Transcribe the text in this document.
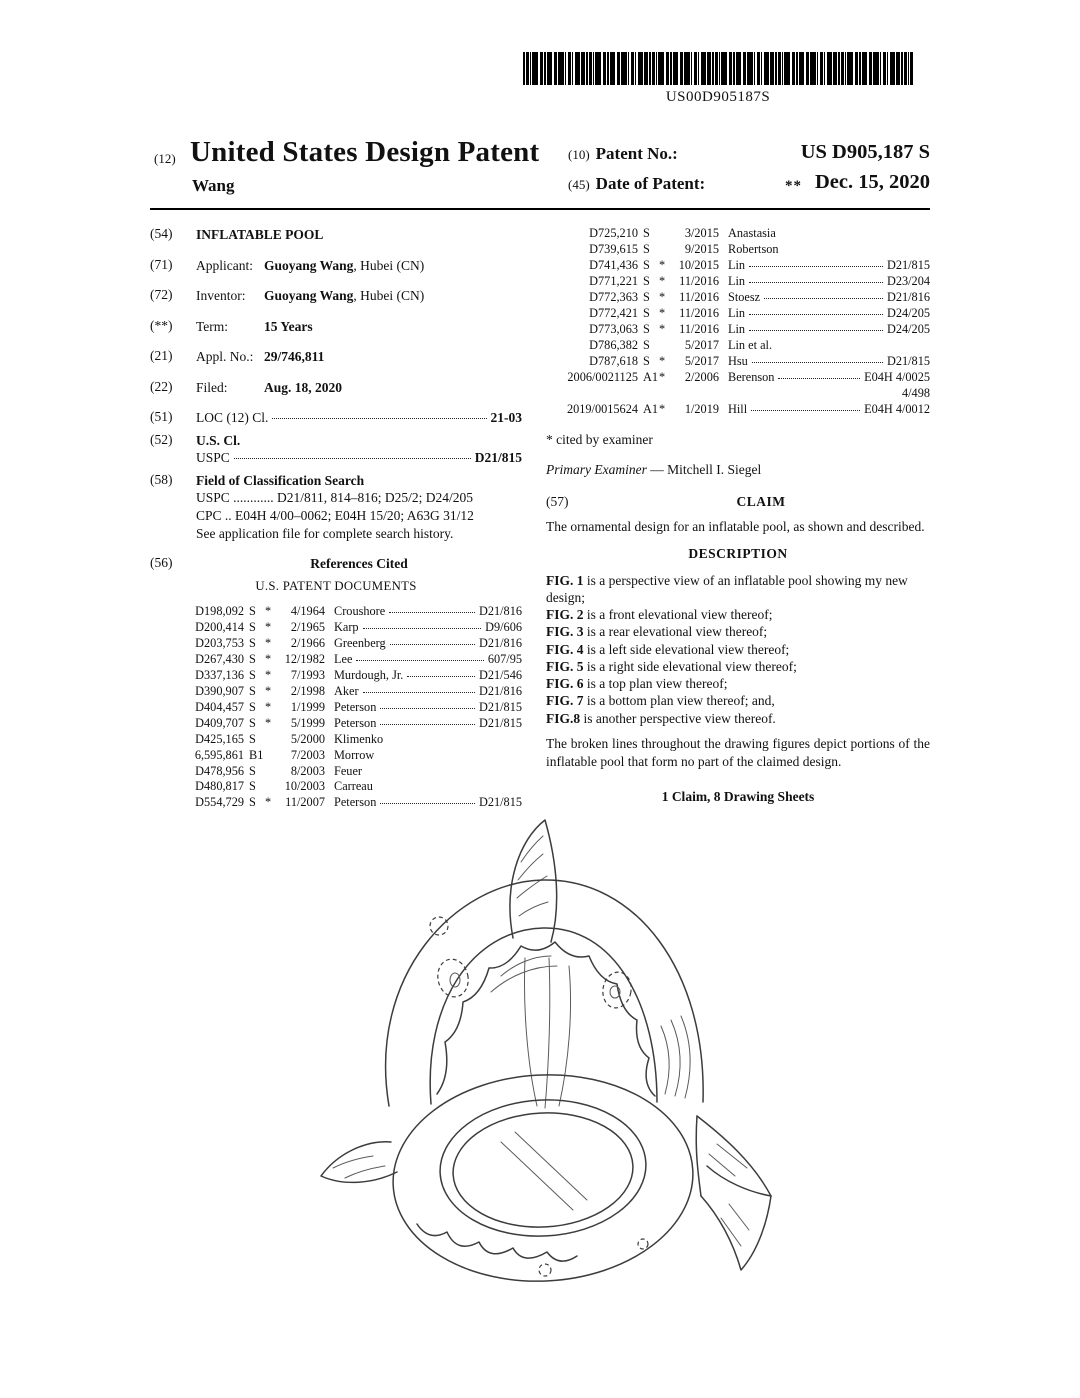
US00D905187S
(12) United States Design Patent
Wang
(10) Patent No.:	US D905,187 S
(45) Date of Patent:	** Dec. 15, 2020
(54)	INFLATABLE POOL
(71)	Applicant: Guoyang Wang, Hubei (CN)
(72)	Inventor: Guoyang Wang, Hubei (CN)
(**)	Term:	15 Years
(21)	Appl. No.: 29/746,811
(22)	Filed:	Aug. 18, 2020
(51)	LOC (12) Cl.	21-03
(52)	U.S. Cl.
USPC	D21/815
(58)	Field of Classification Search
USPC ............ D21/811, 814–816; D25/2; D24/205
CPC .. E04H 4/00–0062; E04H 15/20; A63G 31/12
See application file for complete search history.
(56)	References Cited
U.S. PATENT DOCUMENTS
D198,092 S *	4/1964 Croushore	D21/816
D200,414 S *	2/1965 Karp	D9/606
D203,753 S *	2/1966 Greenberg	D21/816
D267,430 S *	12/1982 Lee	607/95
D337,136 S *	7/1993 Murdough, Jr.	D21/546
D390,907 S *	2/1998 Aker	D21/816
D404,457 S *	1/1999 Peterson	D21/815
D409,707 S *	5/1999 Peterson	D21/815
D425,165 S	5/2000 Klimenko
6,595,861 B1	7/2003 Morrow
D478,956 S	8/2003 Feuer
D480,817 S	10/2003 Carreau
D554,729 S *	11/2007 Peterson	D21/815
D725,210 S	3/2015 Anastasia
D739,615 S	9/2015 Robertson
D741,436 S *	10/2015 Lin	D21/815
D771,221 S *	11/2016 Lin	D23/204
D772,363 S *	11/2016 Stoesz	D21/816
D772,421 S *	11/2016 Lin	D24/205
D773,063 S *	11/2016 Lin	D24/205
D786,382 S	5/2017 Lin et al.
D787,618 S *	5/2017 Hsu	D21/815
2006/0021125 A1 *	2/2006 Berenson	E04H 4/0025
4/498
2019/0015624 A1 *	1/2019 Hill	E04H 4/0012

* cited by examiner

Primary Examiner — Mitchell I. Siegel

(57)	CLAIM

The ornamental design for an inflatable pool, as shown and described.

DESCRIPTION

FIG. 1 is a perspective view of an inflatable pool showing my new design;

FIG. 2 is a front elevational view thereof;

FIG. 3 is a rear elevational view thereof;

FIG. 4 is a left side elevational view thereof;

FIG. 5 is a right side elevational view thereof;

FIG. 6 is a top plan view thereof;

FIG. 7 is a bottom plan view thereof; and,

FIG.8 is another perspective view thereof.

The broken lines throughout the drawing figures depict portions of the inflatable pool that form no part of the claimed design.

1 Claim, 8 Drawing Sheets
